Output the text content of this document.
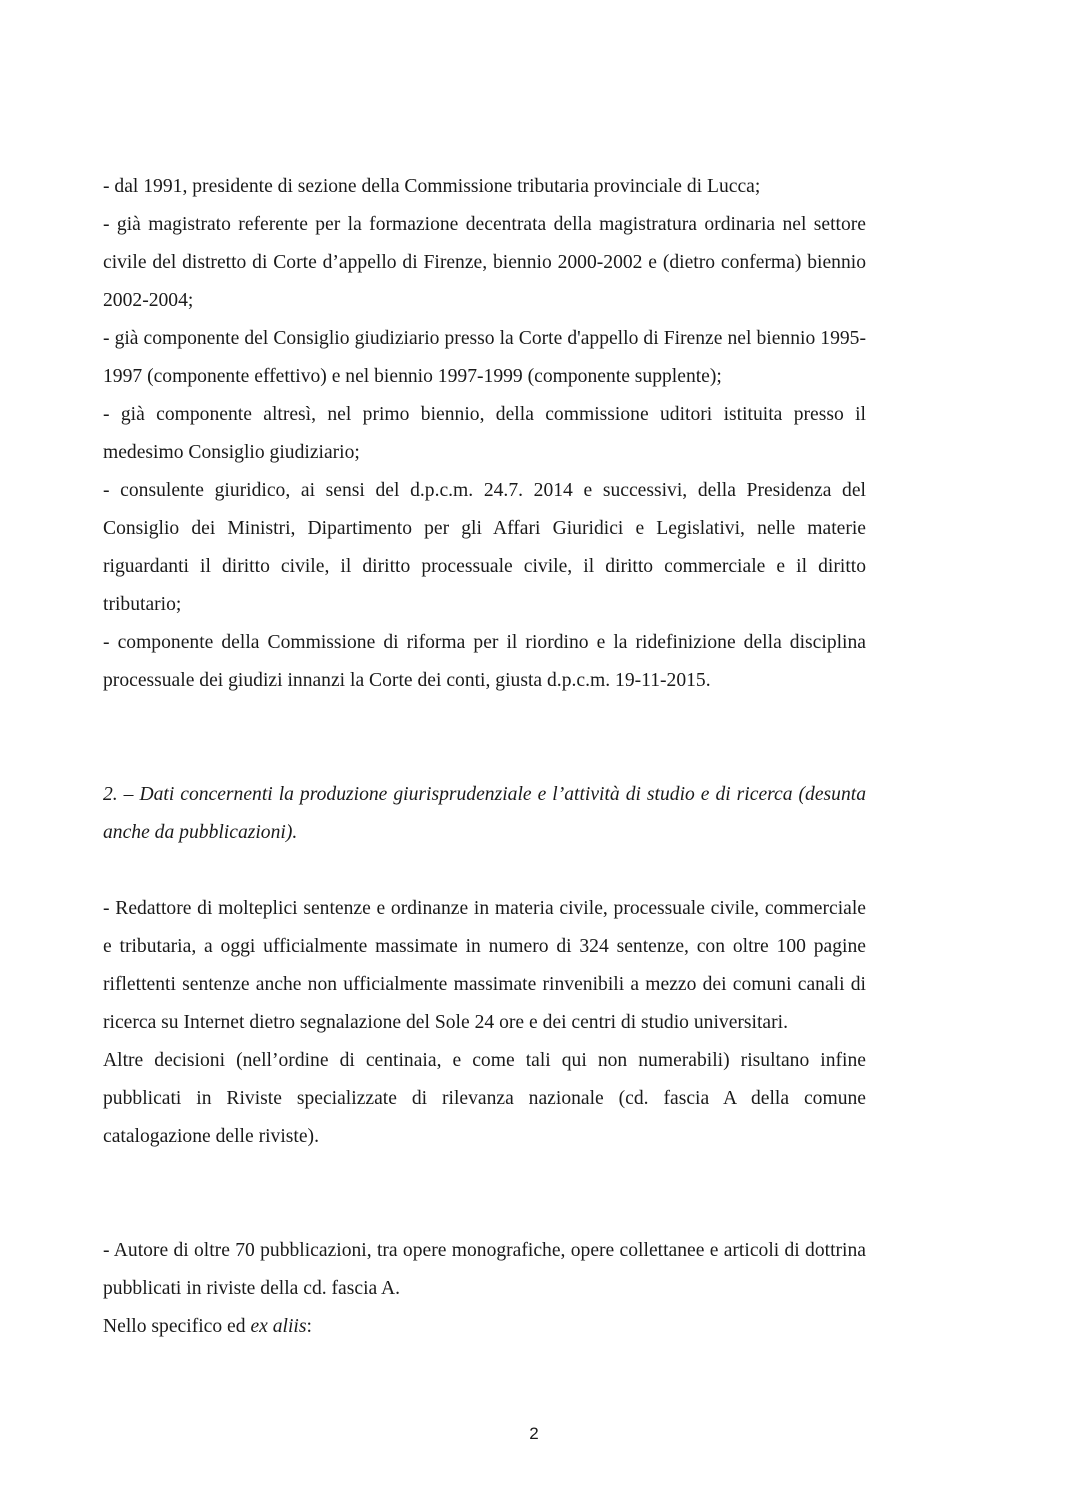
- dal 1991, presidente di sezione della Commissione tributaria provinciale di Lucca;

- già magistrato referente per la formazione decentrata della magistratura ordinaria nel settore civile del distretto di Corte d’appello di Firenze, biennio 2000-2002 e (dietro conferma) biennio 2002-2004;

- già componente del Consiglio giudiziario presso la Corte d'appello di Firenze nel biennio 1995-1997 (componente effettivo) e nel biennio 1997-1999 (componente supplente);

- già componente altresì, nel primo biennio, della commissione uditori istituita presso il medesimo Consiglio giudiziario;

- consulente giuridico, ai sensi del d.p.c.m. 24.7. 2014 e successivi, della Presidenza del Consiglio dei Ministri, Dipartimento per gli Affari Giuridici e Legislativi, nelle materie riguardanti il diritto civile, il diritto processuale civile, il diritto commerciale e il diritto tributario;

- componente della Commissione di riforma per il riordino e la ridefinizione della disciplina processuale dei giudizi innanzi la Corte dei conti, giusta d.p.c.m. 19-11-2015.

2. – Dati concernenti la produzione giurisprudenziale e l’attività di studio e di ricerca (desunta anche da pubblicazioni).

- Redattore di molteplici sentenze e ordinanze in materia civile, processuale civile, commerciale e tributaria, a oggi ufficialmente massimate in numero di 324 sentenze, con oltre 100 pagine riflettenti sentenze anche non ufficialmente massimate rinvenibili a mezzo dei comuni canali di ricerca su Internet dietro segnalazione del Sole 24 ore e dei centri di studio universitari.

Altre decisioni (nell’ordine di centinaia, e come tali qui non numerabili) risultano infine pubblicati in Riviste specializzate di rilevanza nazionale (cd. fascia A della comune catalogazione delle riviste).

- Autore di oltre 70 pubblicazioni, tra opere monografiche, opere collettanee e articoli di dottrina pubblicati in riviste della cd. fascia A.

Nello specifico ed ex aliis:

2
